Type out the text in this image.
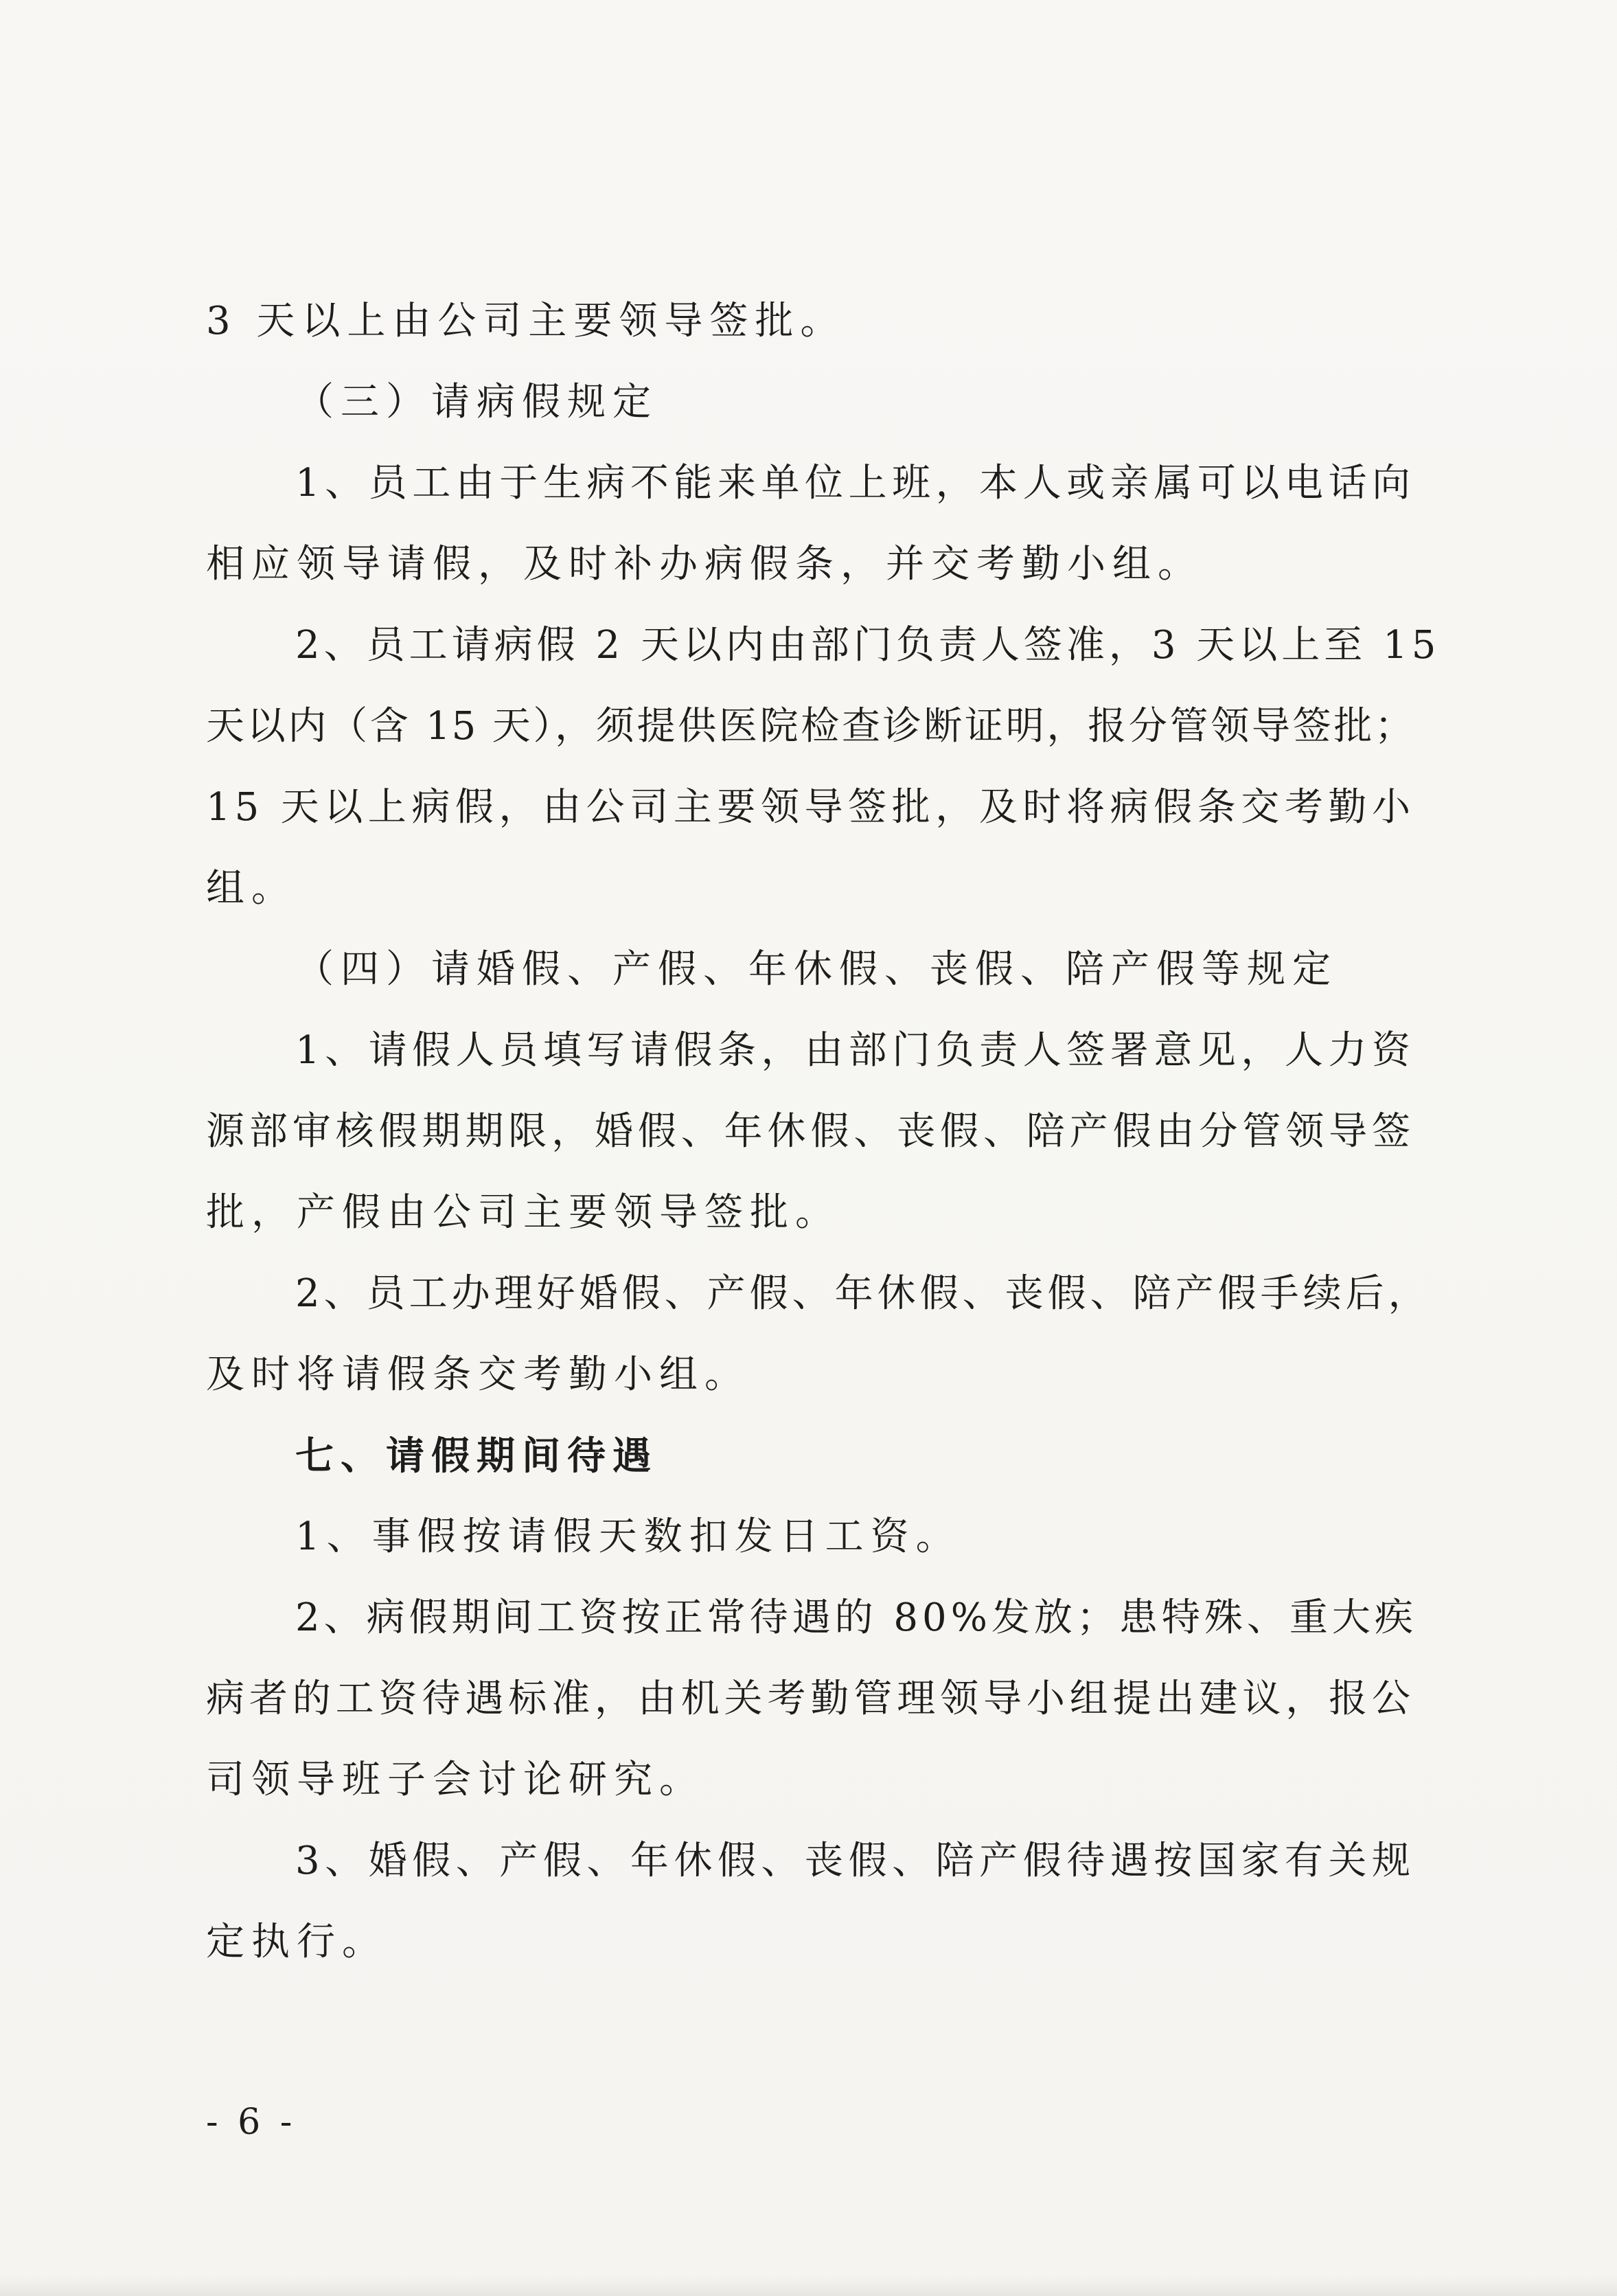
3 天以上由公司主要领导签批。
（三）请病假规定
1、员工由于生病不能来单位上班，本人或亲属可以电话向
相应领导请假，及时补办病假条，并交考勤小组。
2、员工请病假 2 天以内由部门负责人签准，3 天以上至 15
天以内（含 15 天），须提供医院检查诊断证明，报分管领导签批；
15 天以上病假，由公司主要领导签批，及时将病假条交考勤小
组。
（四）请婚假、产假、年休假、丧假、陪产假等规定
1、请假人员填写请假条，由部门负责人签署意见，人力资
源部审核假期期限，婚假、年休假、丧假、陪产假由分管领导签
批，产假由公司主要领导签批。
2、员工办理好婚假、产假、年休假、丧假、陪产假手续后，
及时将请假条交考勤小组。
七、请假期间待遇
1、事假按请假天数扣发日工资。
2、病假期间工资按正常待遇的 80%发放；患特殊、重大疾
病者的工资待遇标准，由机关考勤管理领导小组提出建议，报公
司领导班子会讨论研究。
3、婚假、产假、年休假、丧假、陪产假待遇按国家有关规
定执行。
- 6 -
